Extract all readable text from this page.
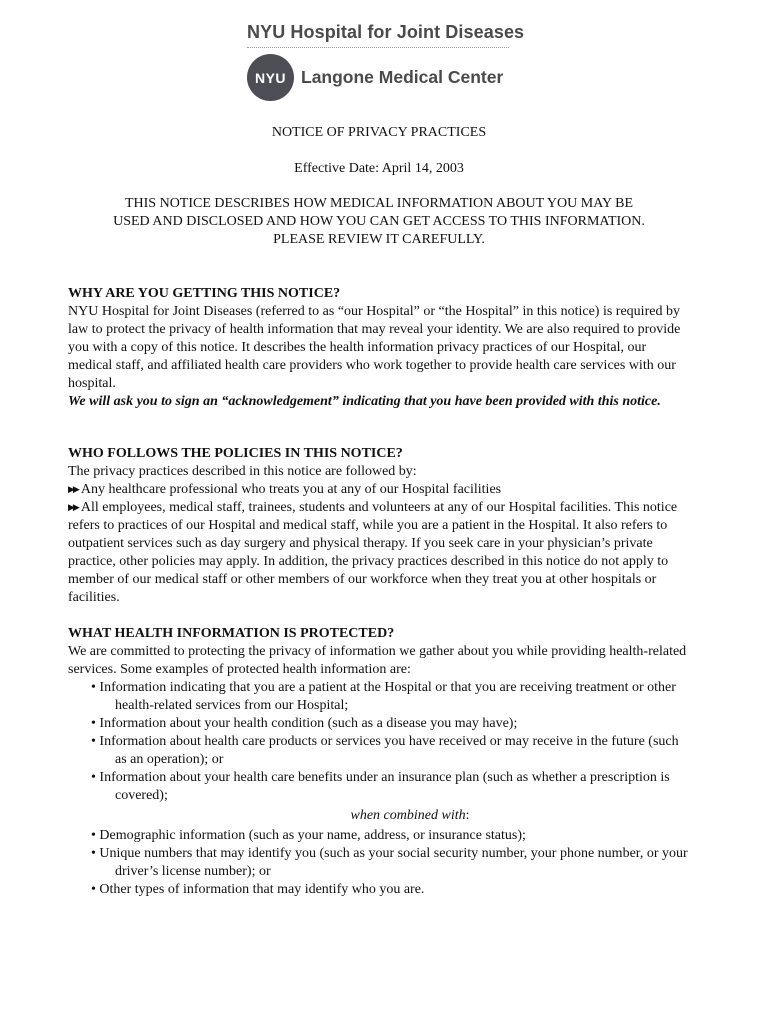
NYU Hospital for Joint Diseases
NYU Langone Medical Center
NOTICE OF PRIVACY PRACTICES
Effective Date: April 14, 2003
THIS NOTICE DESCRIBES HOW MEDICAL INFORMATION ABOUT YOU MAY BE
USED AND DISCLOSED AND HOW YOU CAN GET ACCESS TO THIS INFORMATION.
PLEASE REVIEW IT CAREFULLY.

WHY ARE YOU GETTING THIS NOTICE?

NYU Hospital for Joint Diseases (referred to as “our Hospital” or “the Hospital” in this notice) is required by law to protect the privacy of health information that may reveal your identity. We are also required to provide you with a copy of this notice. It describes the health information privacy practices of our Hospital, our medical staff, and affiliated health care providers who work together to provide health care services with our hospital.

We will ask you to sign an “acknowledgement” indicating that you have been provided with this notice.

WHO FOLLOWS THE POLICIES IN THIS NOTICE?

The privacy practices described in this notice are followed by:

▶▶ Any healthcare professional who treats you at any of our Hospital facilities

▶▶ All employees, medical staff, trainees, students and volunteers at any of our Hospital facilities. This notice refers to practices of our Hospital and medical staff, while you are a patient in the Hospital. It also refers to outpatient services such as day surgery and physical therapy. If you seek care in your physician’s private practice, other policies may apply. In addition, the privacy practices described in this notice do not apply to member of our medical staff or other members of our workforce when they treat you at other hospitals or facilities.

WHAT HEALTH INFORMATION IS PROTECTED?

We are committed to protecting the privacy of information we gather about you while providing health-related services. Some examples of protected health information are:

• Information indicating that you are a patient at the Hospital or that you are receiving treatment or other health-related services from our Hospital;
• Information about your health condition (such as a disease you may have);
• Information about health care products or services you have received or may receive in the future (such as an operation); or
• Information about your health care benefits under an insurance plan (such as whether a prescription is covered);

when combined with:

• Demographic information (such as your name, address, or insurance status);
• Unique numbers that may identify you (such as your social security number, your phone number, or your driver’s license number); or
• Other types of information that may identify who you are.
